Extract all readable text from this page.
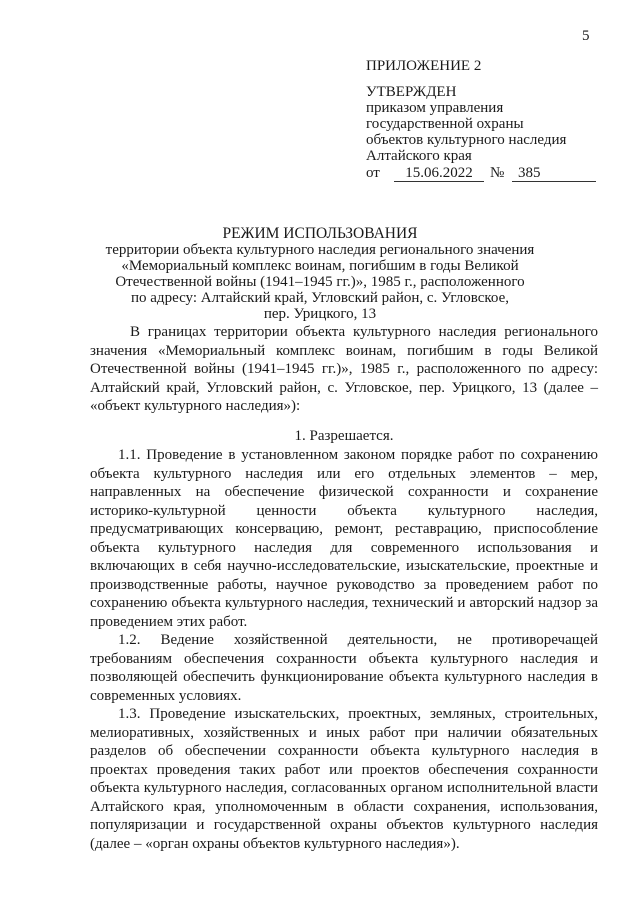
5
ПРИЛОЖЕНИЕ 2
УТВЕРЖДЕН
приказом управления
государственной охраны
объектов культурного наследия
Алтайского края
от	15.06.2022	№ 385
РЕЖИМ ИСПОЛЬЗОВАНИЯ
территории объекта культурного наследия регионального значения
«Мемориальный комплекс воинам, погибшим в годы Великой
Отечественной войны (1941–1945 гг.)», 1985 г., расположенного
по адресу: Алтайский край, Угловский район, с. Угловское,
пер. Урицкого, 13

В границах территории объекта культурного наследия регионального значения «Мемориальный комплекс воинам, погибшим в годы Великой Отечественной войны (1941–1945 гг.)», 1985 г., расположенного по адресу: Алтайский край, Угловский район, с. Угловское, пер. Урицкого, 13 (далее – «объект культурного наследия»):

1. Разрешается.

1.1. Проведение в установленном законом порядке работ по сохранению объекта культурного наследия или его отдельных элементов – мер, направленных на обеспечение физической сохранности и сохранение историко-культурной ценности объекта культурного наследия, предусматривающих консервацию, ремонт, реставрацию, приспособление объекта культурного наследия для современного использования и включающих в себя научно-исследовательские, изыскательские, проектные и производственные работы, научное руководство за проведением работ по сохранению объекта культурного наследия, технический и авторский надзор за проведением этих работ.

1.2. Ведение хозяйственной деятельности, не противоречащей требованиям обеспечения сохранности объекта культурного наследия и позволяющей обеспечить функционирование объекта культурного наследия в современных условиях.

1.3. Проведение изыскательских, проектных, земляных, строительных, мелиоративных, хозяйственных и иных работ при наличии обязательных разделов об обеспечении сохранности объекта культурного наследия в проектах проведения таких работ или проектов обеспечения сохранности объекта культурного наследия, согласованных органом исполнительной власти Алтайского края, уполномоченным в области сохранения, использования, популяризации и государственной охраны объектов культурного наследия (далее – «орган охраны объектов культурного наследия»).
